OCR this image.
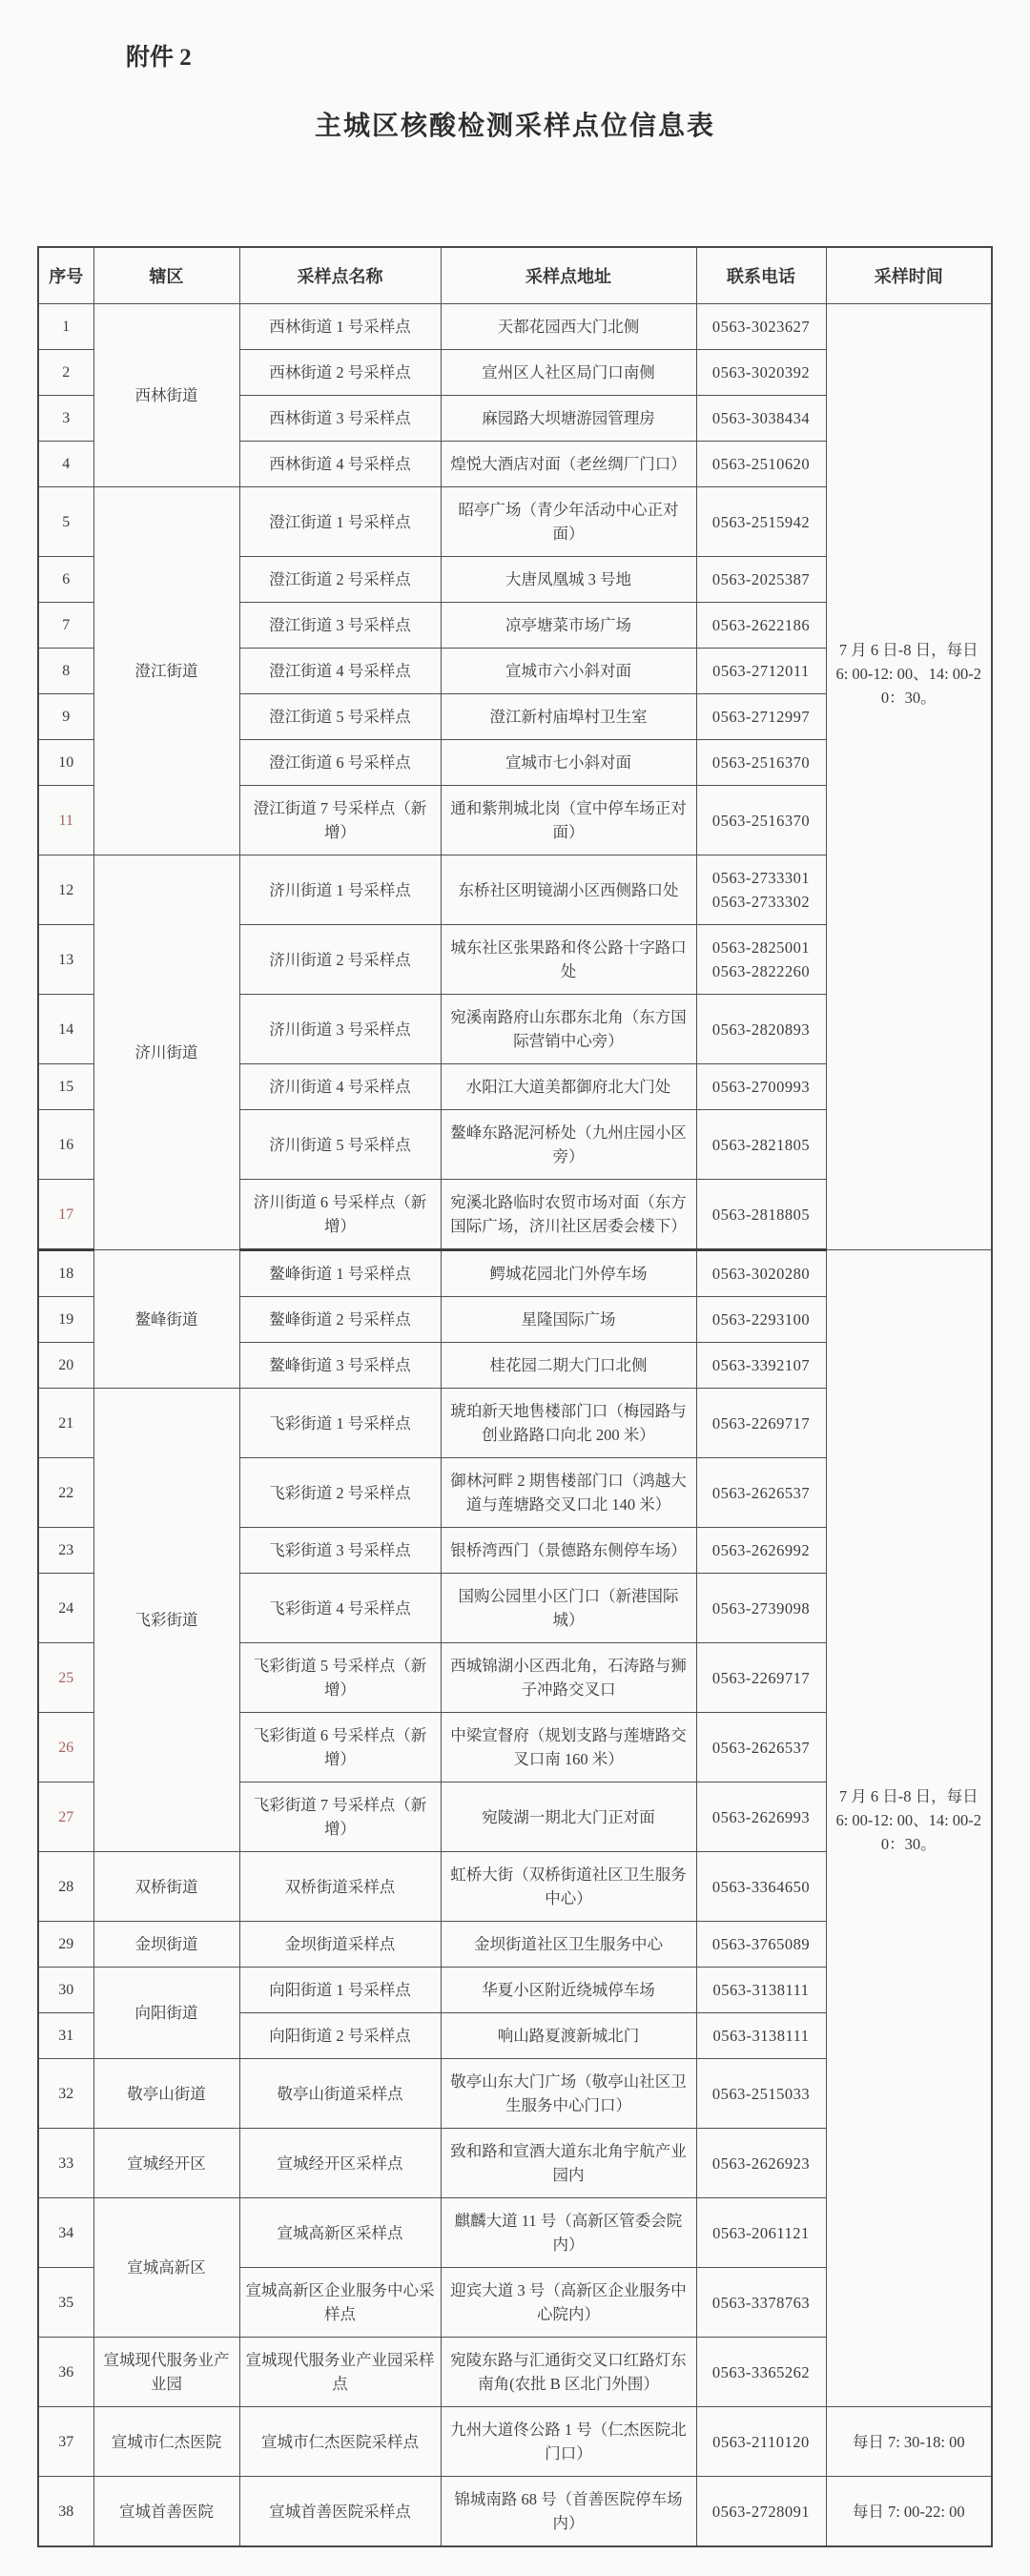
附件 2
主城区核酸检测采样点位信息表
序号	辖区	采样点名称	采样点地址	联系电话	采样时间
1	西林街道	西林街道 1 号采样点	天都花园西大门北侧	0563-3023627	7 月 6 日-8 日，每日 6: 00-12: 00、14: 00-20：30。
2		西林街道 2 号采样点	宣州区人社区局门口南侧	0563-3020392	

3		西林街道 3 号采样点	麻园路大坝塘游园管理房	0563-3038434	

4		西林街道 4 号采样点	煌悦大酒店对面（老丝绸厂门口）	0563-2510620	

5	澄江街道	澄江街道 1 号采样点	昭亭广场（青少年活动中心正对面）	0563-2515942	

6		澄江街道 2 号采样点	大唐凤凰城 3 号地	0563-2025387	

7		澄江街道 3 号采样点	凉亭塘菜市场广场	0563-2622186	

8		澄江街道 4 号采样点	宣城市六小斜对面	0563-2712011	

9		澄江街道 5 号采样点	澄江新村庙埠村卫生室	0563-2712997	

10		澄江街道 6 号采样点	宣城市七小斜对面	0563-2516370	

11		澄江街道 7 号采样点（新增）	通和紫荆城北岗（宣中停车场正对面）	0563-2516370	

12	济川街道	济川街道 1 号采样点	东桥社区明镜湖小区西侧路口处	0563-2733301
0563-2733302	

13		济川街道 2 号采样点	城东社区张果路和佟公路十字路口处	0563-2825001
0563-2822260	

14		济川街道 3 号采样点	宛溪南路府山东郡东北角（东方国际营销中心旁）	0563-2820893	

15		济川街道 4 号采样点	水阳江大道美都御府北大门处	0563-2700993	

16		济川街道 5 号采样点	鳌峰东路泥河桥处（九州庄园小区旁）	0563-2821805	

17		济川街道 6 号采样点（新增）	宛溪北路临时农贸市场对面（东方国际广场，济川社区居委会楼下）	0563-2818805	

18	鳌峰街道	鳌峰街道 1 号采样点	鳄城花园北门外停车场	0563-3020280	7 月 6 日-8 日，每日 6: 00-12: 00、14: 00-20：30。
19		鳌峰街道 2 号采样点	星隆国际广场	0563-2293100	

20		鳌峰街道 3 号采样点	桂花园二期大门口北侧	0563-3392107	

21	飞彩街道	飞彩街道 1 号采样点	琥珀新天地售楼部门口（梅园路与创业路路口向北 200 米）	0563-2269717	

22		飞彩街道 2 号采样点	御林河畔 2 期售楼部门口（鸿越大道与莲塘路交叉口北 140 米）	0563-2626537	

23		飞彩街道 3 号采样点	银桥湾西门（景德路东侧停车场）	0563-2626992	

24		飞彩街道 4 号采样点	国购公园里小区门口（新港国际城）	0563-2739098	

25		飞彩街道 5 号采样点（新增）	西城锦湖小区西北角，石涛路与狮子冲路交叉口	0563-2269717	

26		飞彩街道 6 号采样点（新增）	中梁宣督府（规划支路与莲塘路交叉口南 160 米）	0563-2626537	

27		飞彩街道 7 号采样点（新增）	宛陵湖一期北大门正对面	0563-2626993	

28	双桥街道	双桥街道采样点	虹桥大街（双桥街道社区卫生服务中心）	0563-3364650	

29	金坝街道	金坝街道采样点	金坝街道社区卫生服务中心	0563-3765089	

30	向阳街道	向阳街道 1 号采样点	华夏小区附近绕城停车场	0563-3138111	

31		向阳街道 2 号采样点	响山路夏渡新城北门	0563-3138111	

32	敬亭山街道	敬亭山街道采样点	敬亭山东大门广场（敬亭山社区卫生服务中心门口）	0563-2515033	

33	宣城经开区	宣城经开区采样点	致和路和宣酒大道东北角宇航产业园内	0563-2626923	

34	宣城高新区	宣城高新区采样点	麒麟大道 11 号（高新区管委会院内）	0563-2061121	

35		宣城高新区企业服务中心采样点	迎宾大道 3 号（高新区企业服务中心院内）	0563-3378763	

36	宣城现代服务业产业园	宣城现代服务业产业园采样点	宛陵东路与汇通街交叉口红路灯东南角(农批 B 区北门外围）	0563-3365262	

37	宣城市仁杰医院	宣城市仁杰医院采样点	九州大道佟公路 1 号（仁杰医院北门口）	0563-2110120	每日 7: 30-18: 00
38	宣城首善医院	宣城首善医院采样点	锦城南路 68 号（首善医院停车场内）	0563-2728091	每日 7: 00-22: 00
